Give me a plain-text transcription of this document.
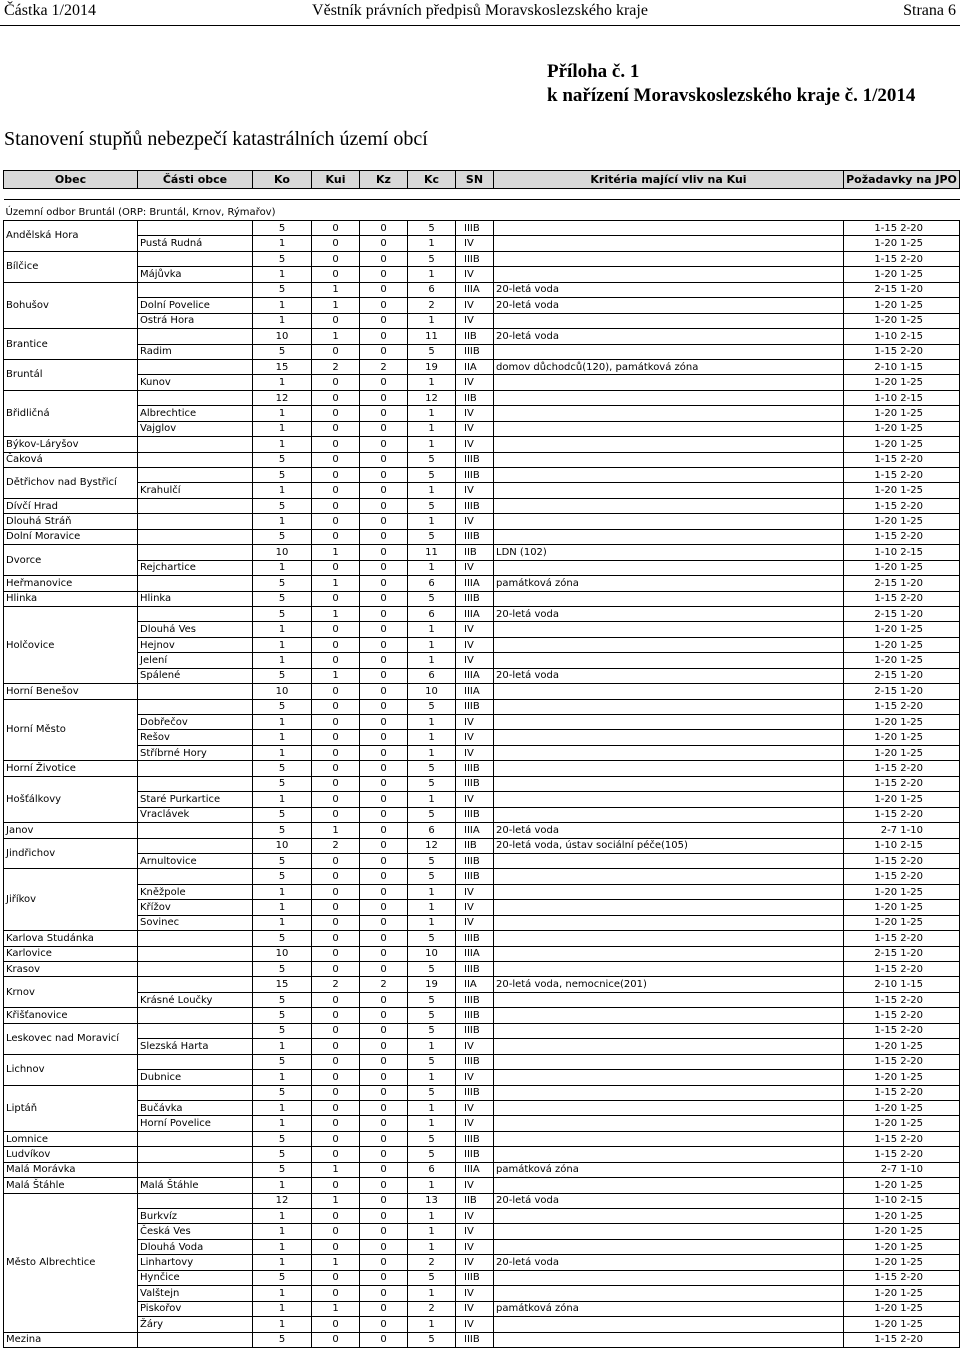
Částka 1/2014	Věstník právních předpisů Moravskoslezského kraje	Strana 6
Příloha č. 1
k nařízení Moravskoslezského kraje č. 1/2014
Stanovení stupňů nebezpečí katastrálních území obcí
Obec	Části obce	Ko	Kui	Kz	Kc	SN	Kritéria mající vliv na Kui	Požadavky na JPO

Územní odbor Bruntál (ORP: Bruntál, Krnov, Rýmařov)								
Andělská Hora		5	0	0	5	IIIB		1-15 2-20
	Pustá Rudná	1	0	0	1	IV		1-20 1-25
Bílčice		5	0	0	5	IIIB		1-15 2-20
	Májůvka	1	0	0	1	IV		1-20 1-25
Bohušov		5	1	0	6	IIIA	20-letá voda	2-15 1-20
	Dolní Povelice	1	1	0	2	IV	20-letá voda	1-20 1-25
	Ostrá Hora	1	0	0	1	IV		1-20 1-25
Brantice		10	1	0	11	IIB	20-letá voda	1-10 2-15
	Radim	5	0	0	5	IIIB		1-15 2-20
Bruntál		15	2	2	19	IIA	domov důchodců(120), památková zóna	2-10 1-15
	Kunov	1	0	0	1	IV		1-20 1-25
Břidličná		12	0	0	12	IIB		1-10 2-15
	Albrechtice	1	0	0	1	IV		1-20 1-25
	Vajglov	1	0	0	1	IV		1-20 1-25
Býkov-Láryšov		1	0	0	1	IV		1-20 1-25
Čaková		5	0	0	5	IIIB		1-15 2-20
Dětřichov nad Bystřicí		5	0	0	5	IIIB		1-15 2-20
	Krahulčí	1	0	0	1	IV		1-20 1-25
Dívčí Hrad		5	0	0	5	IIIB		1-15 2-20
Dlouhá Stráň		1	0	0	1	IV		1-20 1-25
Dolní Moravice		5	0	0	5	IIIB		1-15 2-20
Dvorce		10	1	0	11	IIB	LDN (102)	1-10 2-15
	Rejchartice	1	0	0	1	IV		1-20 1-25
Heřmanovice		5	1	0	6	IIIA	památková zóna	2-15 1-20
Hlinka	Hlinka	5	0	0	5	IIIB		1-15 2-20
Holčovice		5	1	0	6	IIIA	20-letá voda	2-15 1-20
	Dlouhá Ves	1	0	0	1	IV		1-20 1-25
	Hejnov	1	0	0	1	IV		1-20 1-25
	Jelení	1	0	0	1	IV		1-20 1-25
	Spálené	5	1	0	6	IIIA	20-letá voda	2-15 1-20
Horní Benešov		10	0	0	10	IIIA		2-15 1-20
Horní Město		5	0	0	5	IIIB		1-15 2-20
	Dobřečov	1	0	0	1	IV		1-20 1-25
	Rešov	1	0	0	1	IV		1-20 1-25
	Stříbrné Hory	1	0	0	1	IV		1-20 1-25
Horní Životice		5	0	0	5	IIIB		1-15 2-20
Hošťálkovy		5	0	0	5	IIIB		1-15 2-20
	Staré Purkartice	1	0	0	1	IV		1-20 1-25
	Vraclávek	5	0	0	5	IIIB		1-15 2-20
Janov		5	1	0	6	IIIA	20-letá voda	2-7 1-10
Jindřichov		10	2	0	12	IIB	20-letá voda, ústav sociální péče(105)	1-10 2-15
	Arnultovice	5	0	0	5	IIIB		1-15 2-20
Jiříkov		5	0	0	5	IIIB		1-15 2-20
	Kněžpole	1	0	0	1	IV		1-20 1-25
	Křížov	1	0	0	1	IV		1-20 1-25
	Sovinec	1	0	0	1	IV		1-20 1-25
Karlova Studánka		5	0	0	5	IIIB		1-15 2-20
Karlovice		10	0	0	10	IIIA		2-15 1-20
Krasov		5	0	0	5	IIIB		1-15 2-20
Krnov		15	2	2	19	IIA	20-letá voda, nemocnice(201)	2-10 1-15
	Krásné Loučky	5	0	0	5	IIIB		1-15 2-20
Křišťanovice		5	0	0	5	IIIB		1-15 2-20
Leskovec nad Moravicí		5	0	0	5	IIIB		1-15 2-20
	Slezská Harta	1	0	0	1	IV		1-20 1-25
Lichnov		5	0	0	5	IIIB		1-15 2-20
	Dubnice	1	0	0	1	IV		1-20 1-25
Liptáň		5	0	0	5	IIIB		1-15 2-20
	Bučávka	1	0	0	1	IV		1-20 1-25
	Horní Povelice	1	0	0	1	IV		1-20 1-25
Lomnice		5	0	0	5	IIIB		1-15 2-20
Ludvíkov		5	0	0	5	IIIB		1-15 2-20
Malá Morávka		5	1	0	6	IIIA	památková zóna	2-7 1-10
Malá Štáhle	Malá Štáhle	1	0	0	1	IV		1-20 1-25
Město Albrechtice		12	1	0	13	IIB	20-letá voda	1-10 2-15
	Burkvíz	1	0	0	1	IV		1-20 1-25
	Česká Ves	1	0	0	1	IV		1-20 1-25
	Dlouhá Voda	1	0	0	1	IV		1-20 1-25
	Linhartovy	1	1	0	2	IV	20-letá voda	1-20 1-25
	Hynčice	5	0	0	5	IIIB		1-15 2-20
	Valštejn	1	0	0	1	IV		1-20 1-25
	Piskořov	1	1	0	2	IV	památková zóna	1-20 1-25
	Žáry	1	0	0	1	IV		1-20 1-25
Mezina		5	0	0	5	IIIB		1-15 2-20
